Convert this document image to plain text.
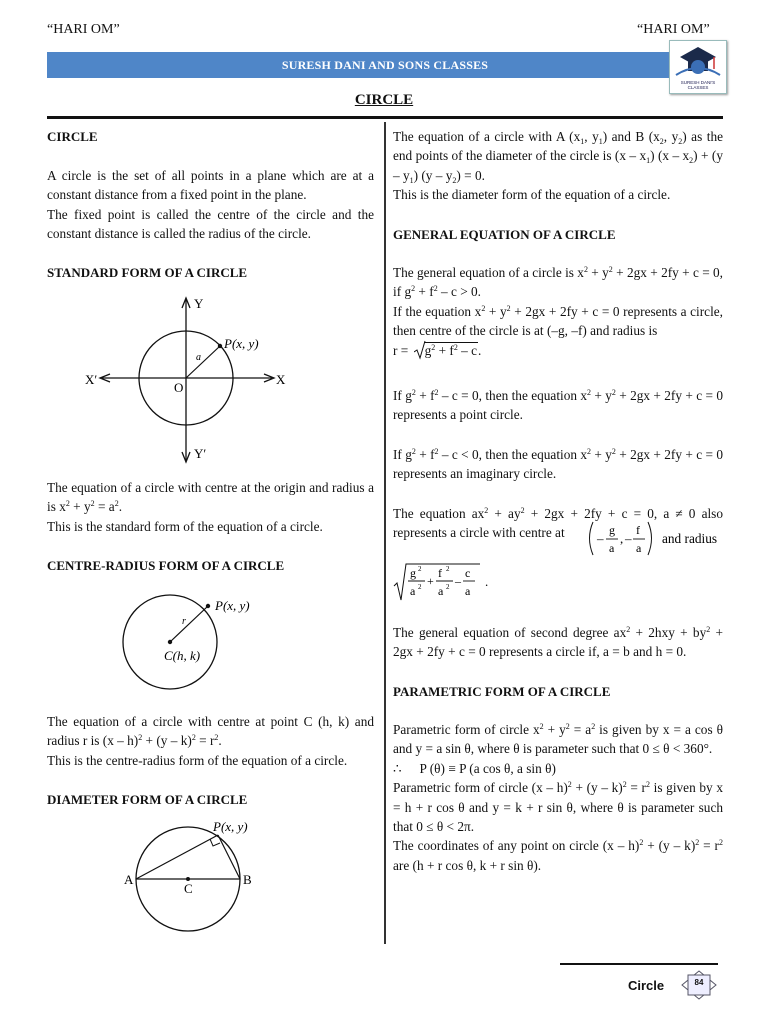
“HARI OM”	“HARI OM”
SURESH DANI AND SONS CLASSES
SURESH DANI'S CLASSES
CIRCLE
CIRCLE

A circle is the set of all points in a plane which are at a constant distance from a fixed point in the plane.

The fixed point is called the centre of the circle and the constant distance is called the radius of the circle.

STANDARD FORM OF A CIRCLE
Y
X
X′
Y′
O
P(x, y)
a

The equation of a circle with centre at the origin and radius a is $x^2 + y^2 = a^2$.

This is the standard form of the equation of a circle.

CENTRE-RADIUS FORM OF A CIRCLE
P(x, y)
r
C(h, k)

The equation of a circle with centre at point C (h, k) and radius r is $(x - h)^2 + (y - k)^2 = r^2$.

This is the centre-radius form of the equation of a circle.

DIAMETER FORM OF A CIRCLE
P(x, y)
A	B
C

The equation of a circle with A ($x_1$, $y_1$) and B ($x_2$, $y_2$) as the end points of the diameter of the circle is $(x - x_1)$ $(x - x_2) + (y - y_1)$ $(y - y_2) = 0$.

This is the diameter form of the equation of a circle.

GENERAL EQUATION OF A CIRCLE

The general equation of a circle is $x^2 + y^2 + 2gx + 2fy + c = 0$, if $g^2 + f^2 - c > 0$.

If the equation $x^2 + y^2 + 2gx + 2fy + c = 0$ represents a circle, then centre of the circle is at (–g, –f) and radius is

$r = g^2 + f^2 - c$.

If $g^2 + f^2 - c = 0$, then the equation $x^2 + y^2 + 2gx + 2fy + c = 0$ represents a point circle.

If $g^2 + f^2 - c < 0$, then the equation $x^2 + y^2 + 2gx + 2fy + c = 0$ represents an imaginary circle.

The equation $ax^2 + ay^2 + 2gx + 2fy + c = 0$, a ≠ 0 also represents a circle with centre at	–
g
a
, –
f
a
and radius
g 2
a 2 +
f 2
a 2 –
c
a
.

The general equation of second degree $ax^2 + 2hxy + by^2 + 2gx + 2fy + c = 0$ represents a circle if, a = b and h = 0.

PARAMETRIC FORM OF A CIRCLE

Parametric form of circle $x^2 + y^2 = a^2$ is given by x = a cos θ and y = a sin θ, where θ is parameter such that 0 ≤ θ < 360°.

∴ P (θ) ≡ P (a cos θ, a sin θ)

Parametric form of circle $(x - h)^2 + (y - k)^2 = r^2$ is given by x = h + r cos θ and y = k + r sin θ, where θ is parameter such that 0 ≤ θ < 2π.

The coordinates of any point on circle $(x - h)^2 + (y - k)^2 = r^2$ are (h + r cos θ, k + r sin θ).

Circle	84
